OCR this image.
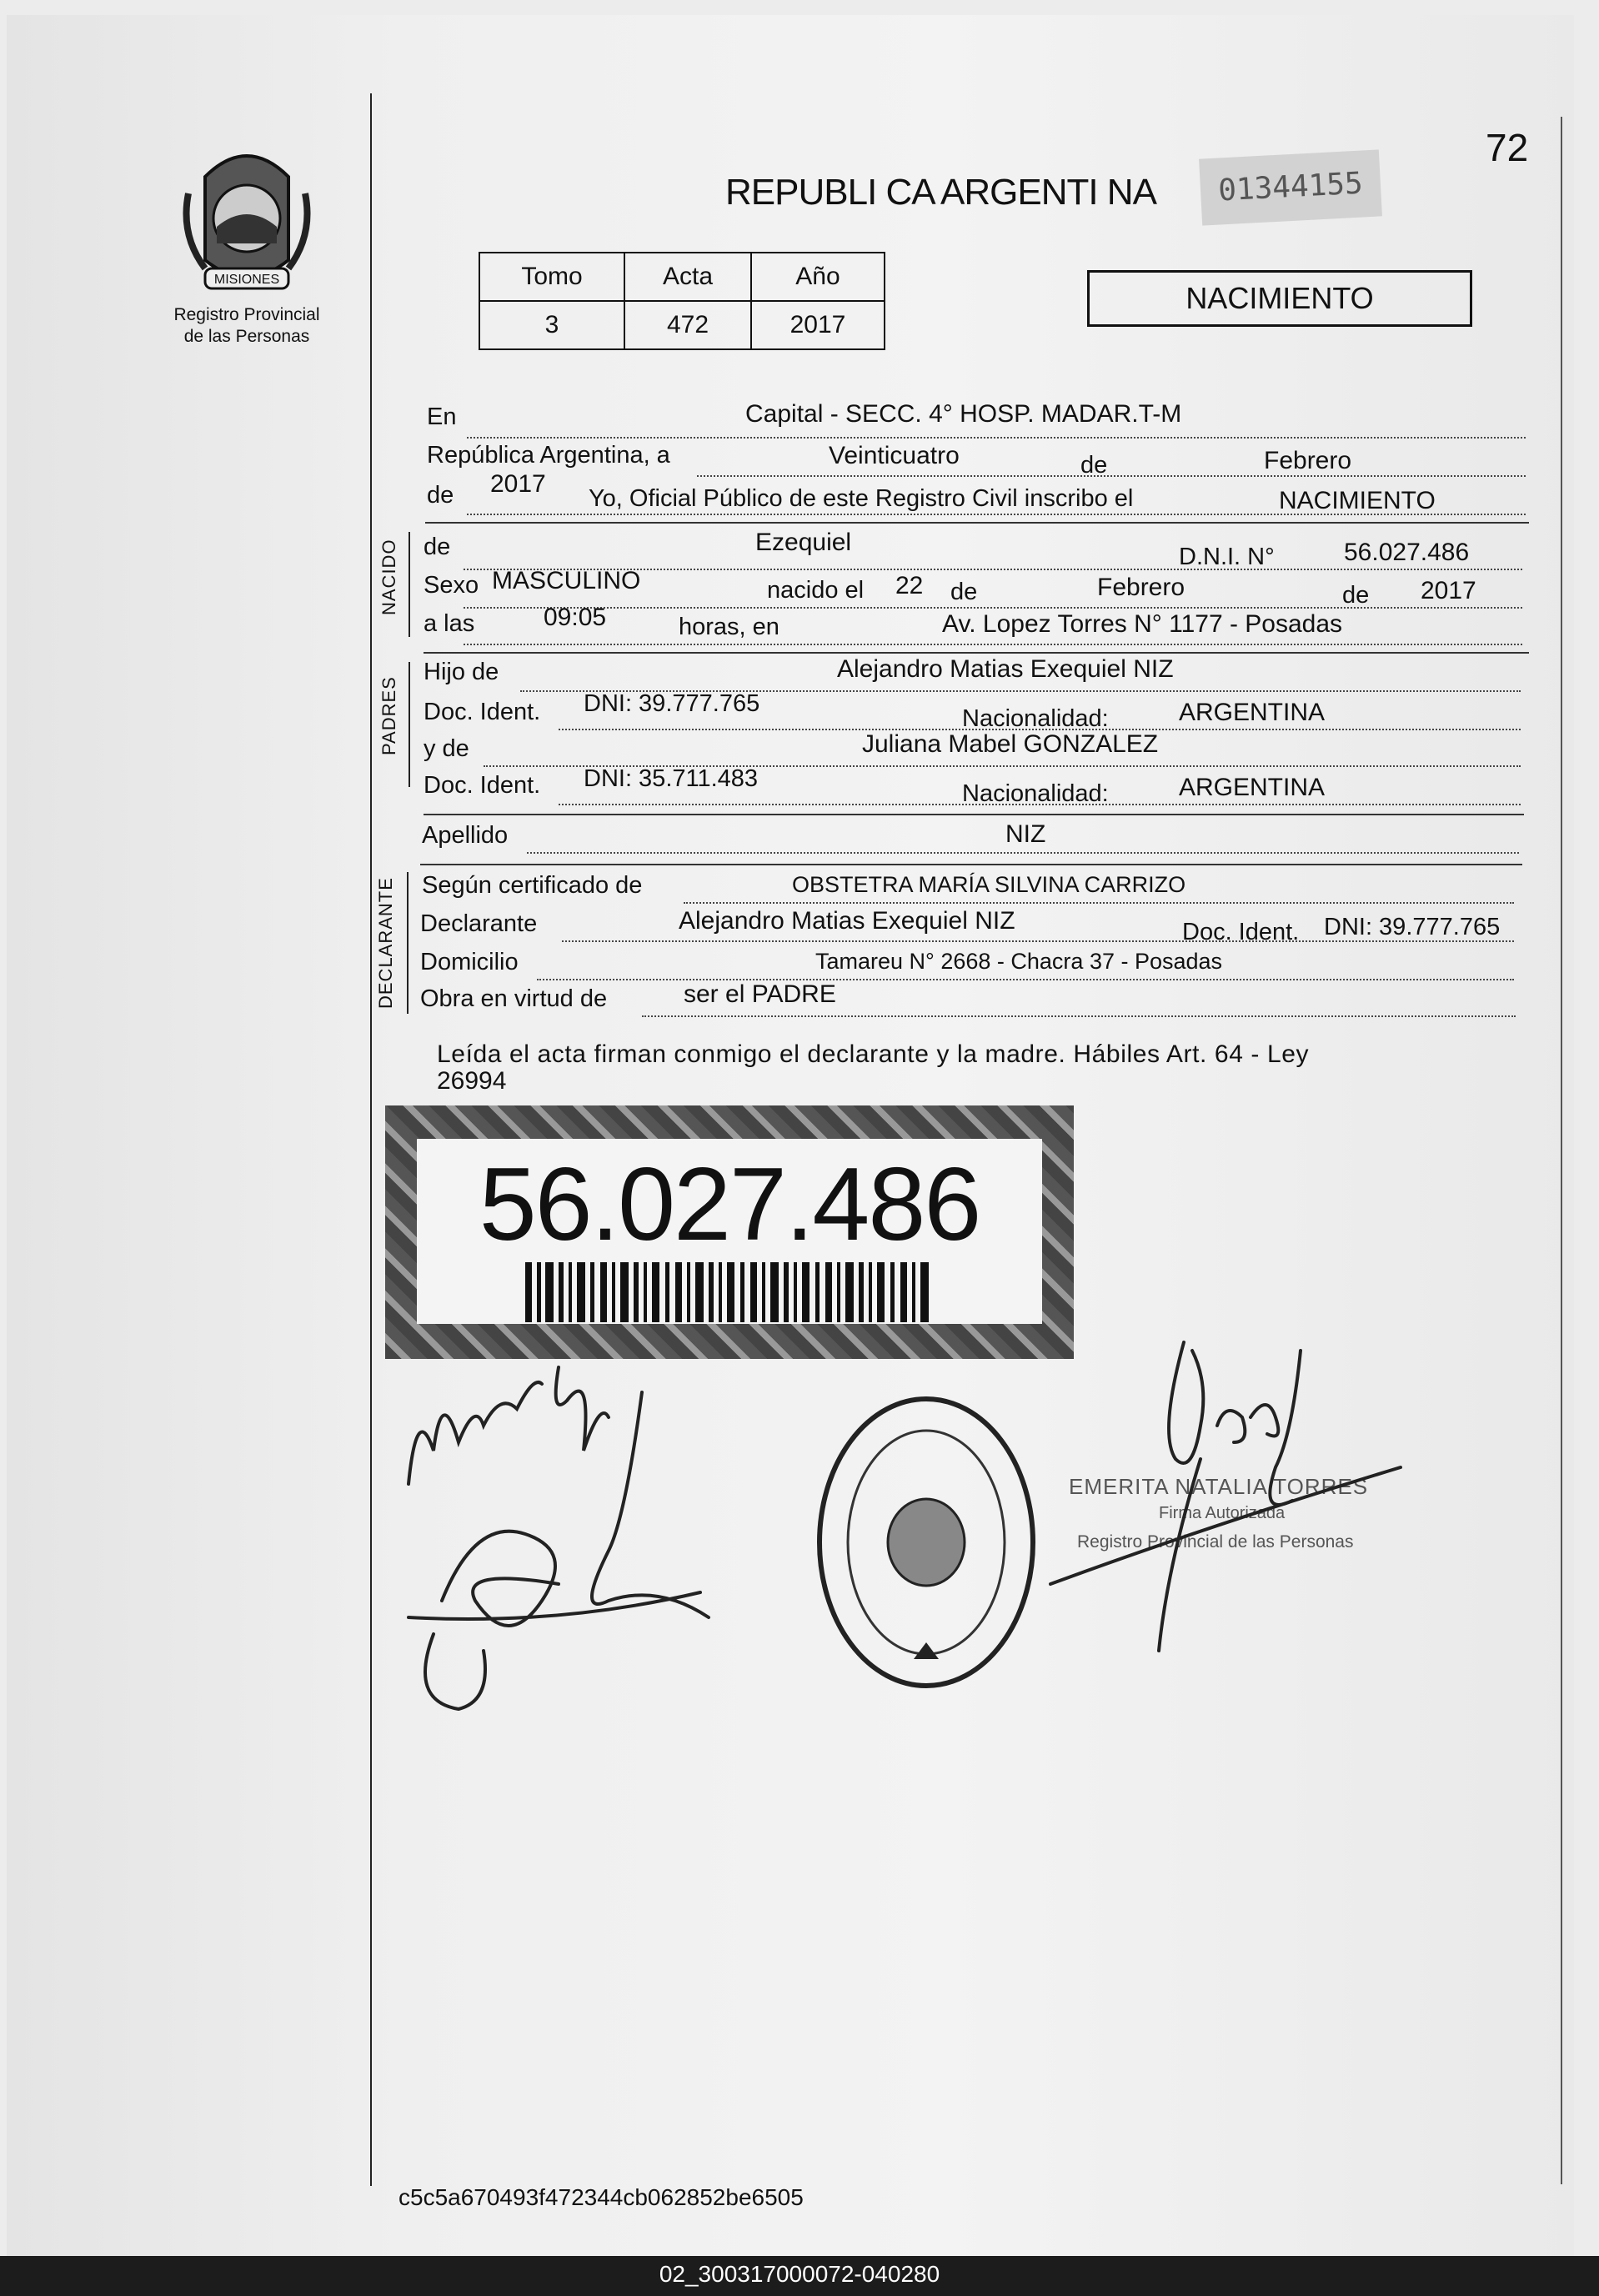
72
MISIONES
Registro Provincial
de las Personas
REPUBLI CA ARGENTI NA	01344155
Tomo	Acta	Año
3	472	2017
NACIMIENTO
En	Capital - SECC. 4° HOSP. MADAR.T-M
República Argentina, a	Veinticuatro	de	Febrero
de 2017
Yo, Oficial Público de este Registro Civil inscribo el	NACIMIENTO
NACIDO de	Ezequiel
D.N.I. N°	56.027.486
Sexo MASCULINO	nacido el 22 de	Febrero	de 2017
a las	09:05	horas, en	Av. Lopez Torres N° 1177 - Posadas
PADRES
Hijo de	Alejandro Matias Exequiel NIZ
Doc. Ident. DNI: 39.777.765
Nacionalidad:	ARGENTINA
y de	Juliana Mabel GONZALEZ
Doc. Ident. DNI: 35.711.483
Nacionalidad:	ARGENTINA
Apellido	NIZ
DECLARANTE Según certificado de	OBSTETRA MARÍA SILVINA CARRIZO
Declarante	Alejandro Matias Exequiel NIZ	Doc. Ident. DNI: 39.777.765
Domicilio	Tamareu N° 2668 - Chacra 37 - Posadas
Obra en virtud de	ser el PADRE
Leída el acta firman conmigo el declarante y la madre. Hábiles Art. 64 - Ley
26994
56.027.486
EMERITA NATALIA TORRES
Firma Autorizada
Registro Provincial de las Personas
c5c5a670493f472344cb062852be6505
02_300317000072-040280
